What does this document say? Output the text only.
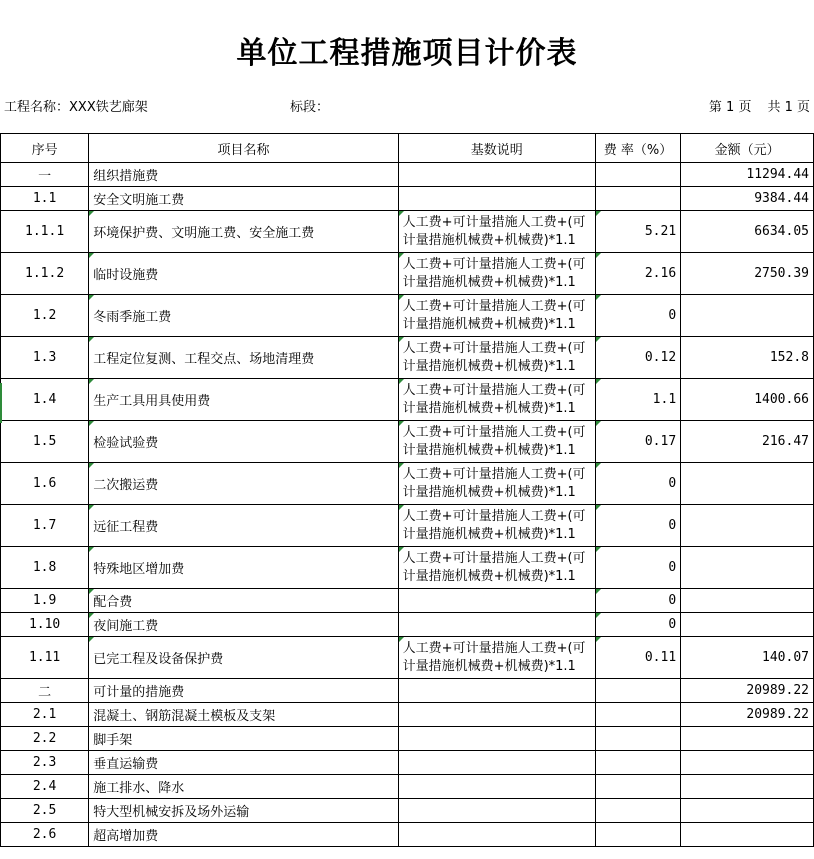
单位工程措施项目计价表
工程名称：XXX铁艺廊架	标段：	第 1 页 共 1 页
序号	项目名称	基数说明	费 率（%）	金额（元）
一	组织措施费			11294.44
1.1	安全文明施工费			9384.44
1.1.1	环境保护费、文明施工费、安全施工费	人工费+可计量措施人工费+(可计量措施机械费+机械费)*1.1	5.21	6634.05
1.1.2	临时设施费	人工费+可计量措施人工费+(可计量措施机械费+机械费)*1.1	2.16	2750.39
1.2	冬雨季施工费	人工费+可计量措施人工费+(可计量措施机械费+机械费)*1.1	0	
1.3	工程定位复测、工程交点、场地清理费	人工费+可计量措施人工费+(可计量措施机械费+机械费)*1.1	0.12	152.8
1.4	生产工具用具使用费	人工费+可计量措施人工费+(可计量措施机械费+机械费)*1.1	1.1	1400.66
1.5	检验试验费	人工费+可计量措施人工费+(可计量措施机械费+机械费)*1.1	0.17	216.47
1.6	二次搬运费	人工费+可计量措施人工费+(可计量措施机械费+机械费)*1.1	0	
1.7	远征工程费	人工费+可计量措施人工费+(可计量措施机械费+机械费)*1.1	0	
1.8	特殊地区增加费	人工费+可计量措施人工费+(可计量措施机械费+机械费)*1.1	0	
1.9	配合费		0	
1.10	夜间施工费		0	
1.11	已完工程及设备保护费	人工费+可计量措施人工费+(可计量措施机械费+机械费)*1.1	0.11	140.07
二	可计量的措施费			20989.22
2.1	混凝土、钢筋混凝土模板及支架			20989.22
2.2	脚手架			
2.3	垂直运输费			
2.4	施工排水、降水			
2.5	特大型机械安拆及场外运输			
2.6	超高增加费			
